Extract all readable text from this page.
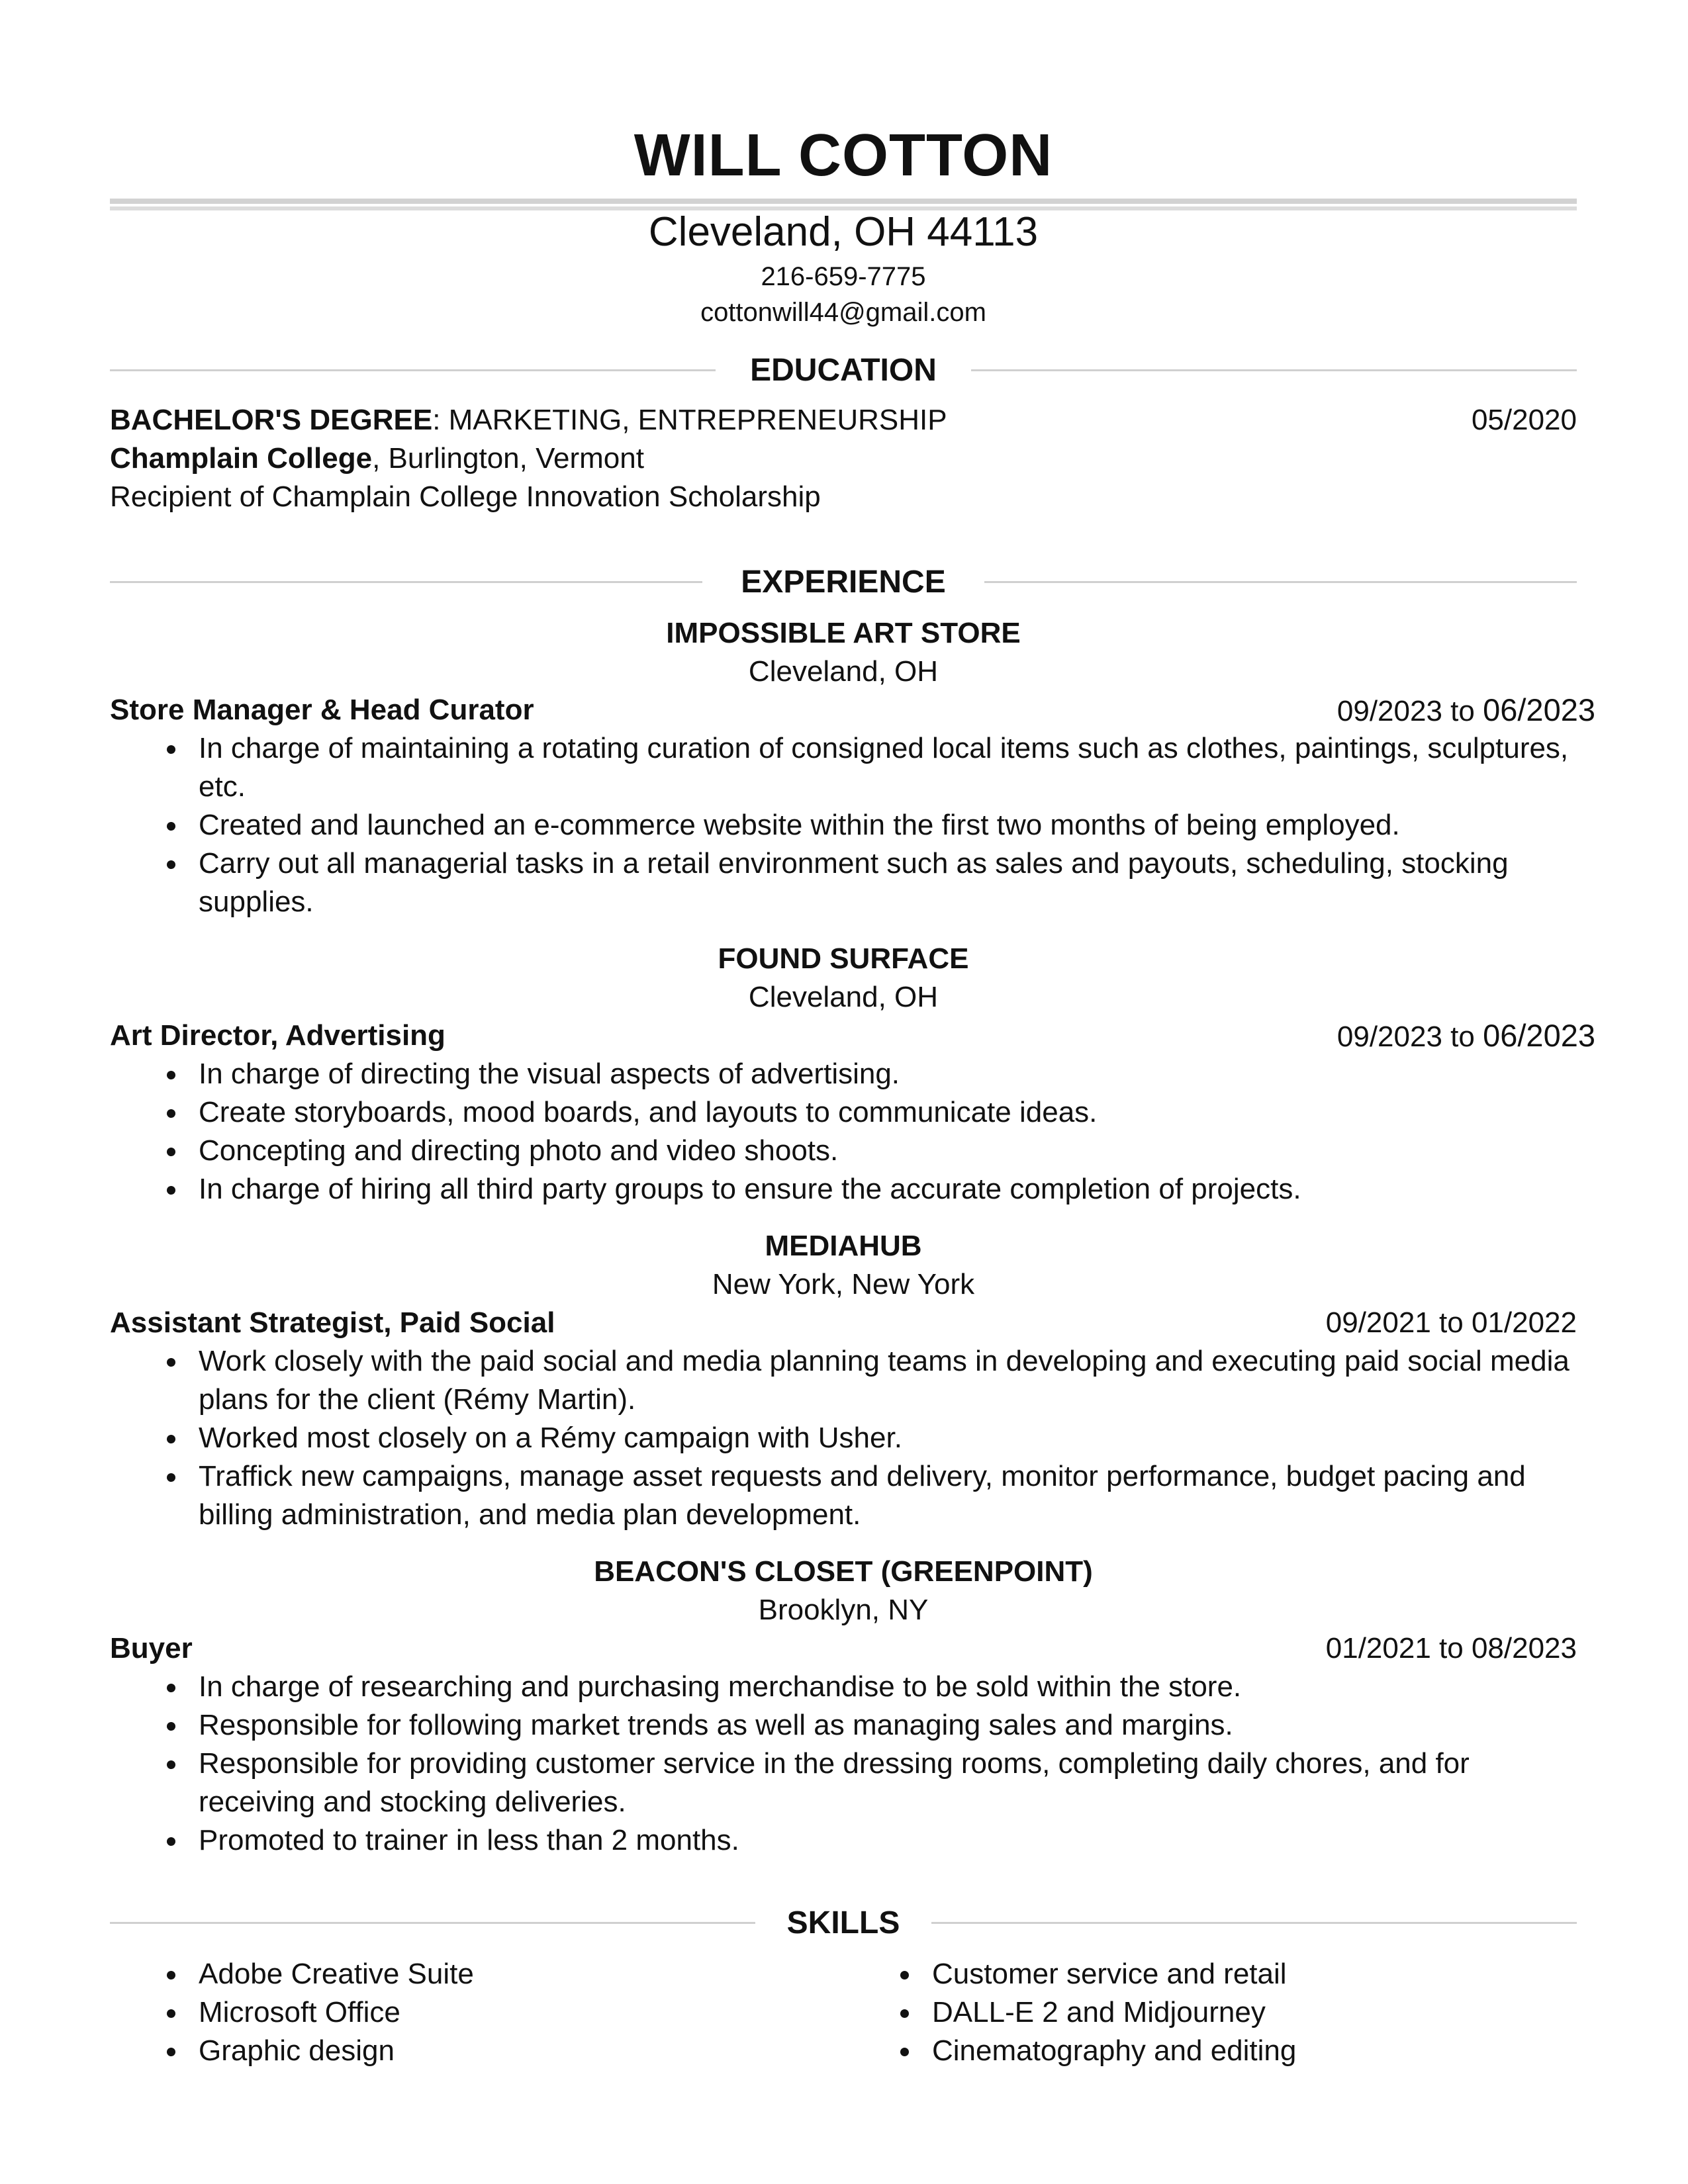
WILL COTTON
Cleveland, OH 44113
216-659-7775
cottonwill44@gmail.com
EDUCATION
BACHELOR'S DEGREE: MARKETING, ENTREPRENEURSHIP	05/2020
Champlain College, Burlington, Vermont
Recipient of Champlain College Innovation Scholarship
EXPERIENCE
IMPOSSIBLE ART STORE
Cleveland, OH
Store Manager & Head Curator	09/2023 to 06/2023
In charge of maintaining a rotating curation of consigned local items such as clothes, paintings, sculptures, etc.
Created and launched an e-commerce website within the first two months of being employed.
Carry out all managerial tasks in a retail environment such as sales and payouts, scheduling, stocking supplies.
FOUND SURFACE
Cleveland, OH
Art Director, Advertising	09/2023 to 06/2023
In charge of directing the visual aspects of advertising.
Create storyboards, mood boards, and layouts to communicate ideas.
Concepting and directing photo and video shoots.
In charge of hiring all third party groups to ensure the accurate completion of projects.
MEDIAHUB
New York, New York
Assistant Strategist, Paid Social	09/2021 to 01/2022
Work closely with the paid social and media planning teams in developing and executing paid social media plans for the client (Rémy Martin).
Worked most closely on a Rémy campaign with Usher.
Traffick new campaigns, manage asset requests and delivery, monitor performance, budget pacing and billing administration, and media plan development.
BEACON'S CLOSET (GREENPOINT)
Brooklyn, NY
Buyer	01/2021 to 08/2023
In charge of researching and purchasing merchandise to be sold within the store.
Responsible for following market trends as well as managing sales and margins.
Responsible for providing customer service in the dressing rooms, completing daily chores, and for receiving and stocking deliveries.
Promoted to trainer in less than 2 months.
SKILLS
Adobe Creative Suite
Microsoft Office
Graphic design
Customer service and retail
DALL-E 2 and Midjourney
Cinematography and editing
